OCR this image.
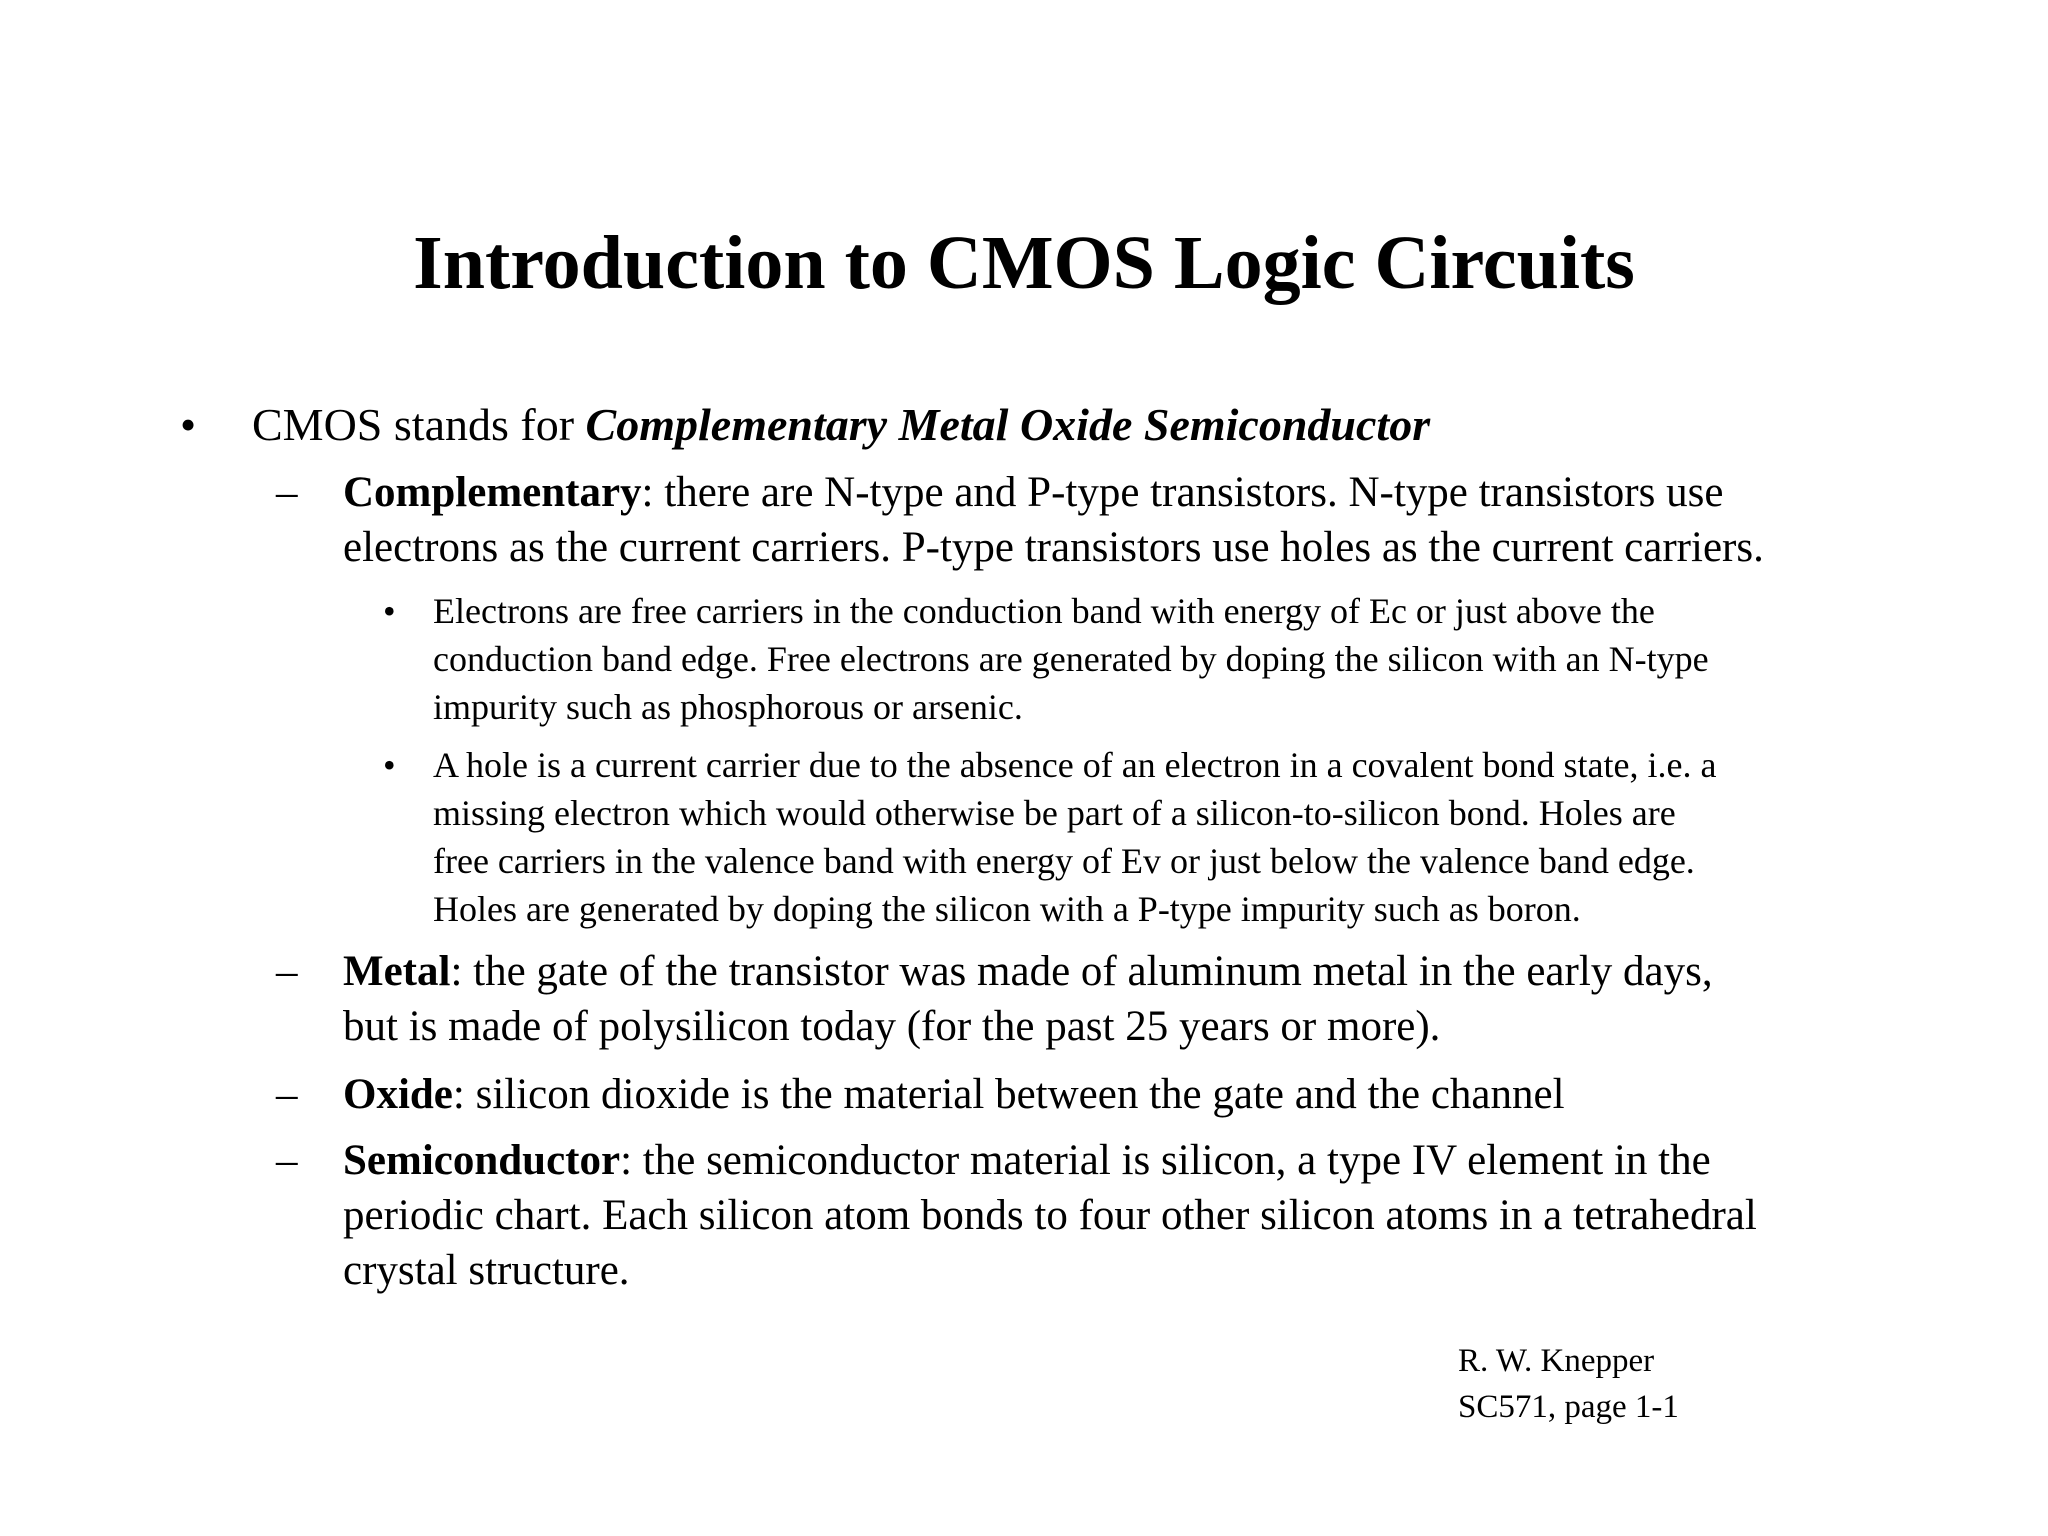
Introduction to CMOS Logic Circuits
• CMOS stands for Complementary Metal Oxide Semiconductor
– Complementary: there are N-type and P-type transistors. N-type transistors use
electrons as the current carriers. P-type transistors use holes as the current carriers.
• Electrons are free carriers in the conduction band with energy of Ec or just above the
conduction band edge. Free electrons are generated by doping the silicon with an N-type
impurity such as phosphorous or arsenic.
• A hole is a current carrier due to the absence of an electron in a covalent bond state, i.e. a
missing electron which would otherwise be part of a silicon-to-silicon bond. Holes are
free carriers in the valence band with energy of Ev or just below the valence band edge.
Holes are generated by doping the silicon with a P-type impurity such as boron.
– Metal: the gate of the transistor was made of aluminum metal in the early days,
but is made of polysilicon today (for the past 25 years or more).
– Oxide: silicon dioxide is the material between the gate and the channel
– Semiconductor: the semiconductor material is silicon, a type IV element in the
periodic chart. Each silicon atom bonds to four other silicon atoms in a tetrahedral
crystal structure.
R. W. Knepper
SC571, page 1-1
